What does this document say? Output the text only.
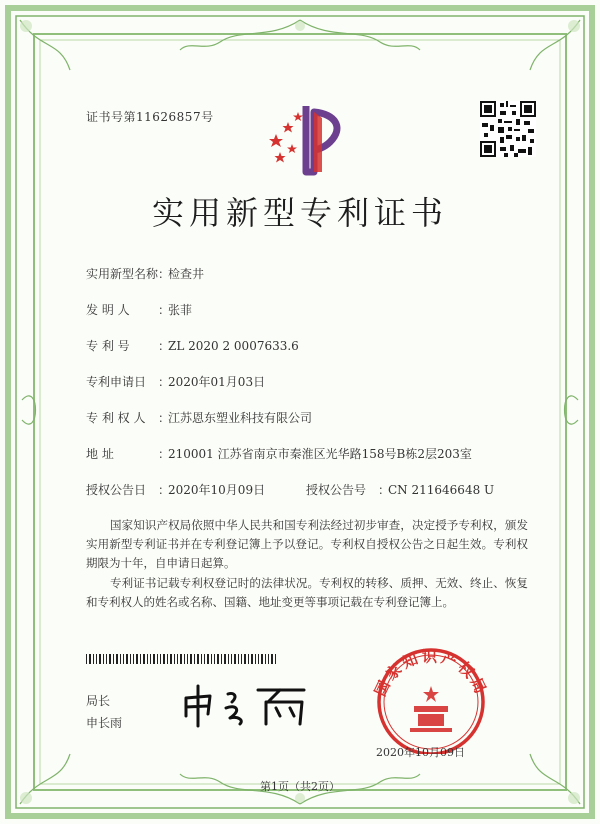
证书号第11626857号
实用新型专利证书
实用新型名称：检查井
发 明 人 ：张菲
专 利 号 ：ZL 2020 2 0007633.6
专利申请日 ：2020年01月03日
专 利 权 人 ：江苏恩东塑业科技有限公司
地 址	：210001 江苏省南京市秦淮区光华路158号B栋2层203室
授权公告日 ：2020年10月09日	授权公告号 ：CN 211646648 U
国家知识产权局依照中华人民共和国专利法经过初步审查，决定授予专利权，颁发实用新型专利证书并在专利登记簿上予以登记。专利权自授权公告之日起生效。专利权期限为十年，自申请日起算。
专利证书记载专利权登记时的法律状况。专利权的转移、质押、无效、终止、恢复和专利权人的姓名或名称、国籍、地址变更等事项记载在专利登记簿上。
局长
申长雨
国家知识产权局
2020年10月09日
第1页（共2页）
